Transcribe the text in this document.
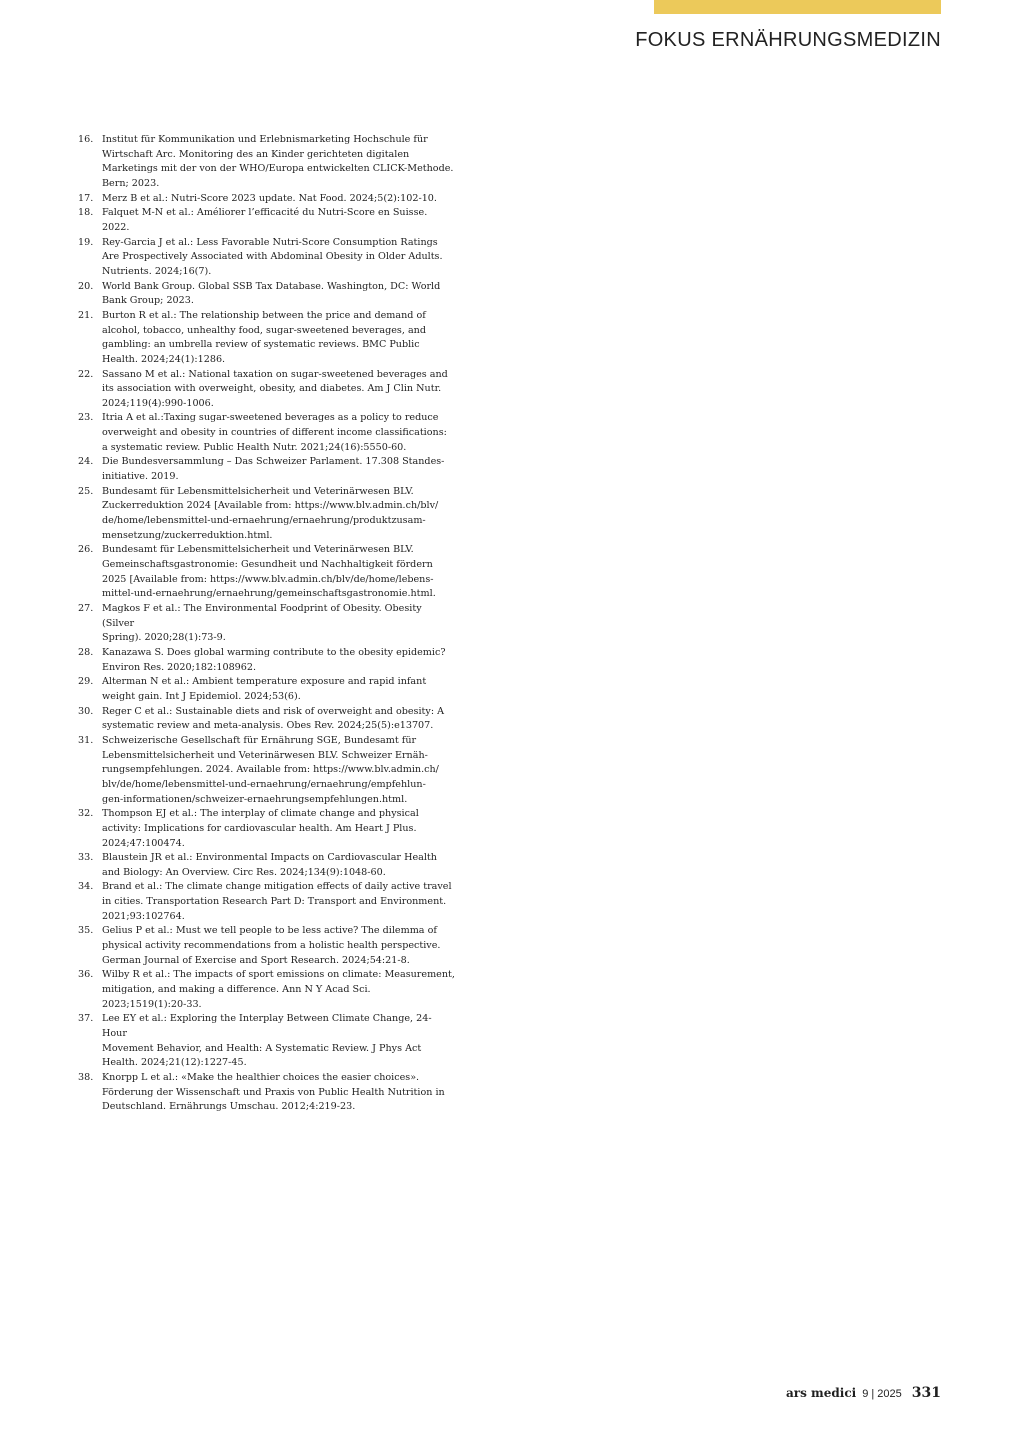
FOKUS ERNÄHRUNGSMEDIZIN
16. Institut für Kommunikation und Erlebnismarketing Hochschule für
Wirtschaft Arc. Monitoring des an Kinder gerichteten digitalen
Marketings mit der von der WHO/Europa entwickelten CLICK-Methode.
Bern; 2023.
17. Merz B et al.: Nutri-Score 2023 update. Nat Food. 2024;5(2):102-10.
18. Falquet M-N et al.: Améliorer l’efficacité du Nutri-Score en Suisse. 2022.
19. Rey-Garcia J et al.: Less Favorable Nutri-Score Consumption Ratings
Are Prospectively Associated with Abdominal Obesity in Older Adults.
Nutrients. 2024;16(7).
20. World Bank Group. Global SSB Tax Database. Washington, DC: World
Bank Group; 2023.
21. Burton R et al.: The relationship between the price and demand of
alcohol, tobacco, unhealthy food, sugar-sweetened beverages, and
gambling: an umbrella review of systematic reviews. BMC Public
Health. 2024;24(1):1286.
22. Sassano M et al.: National taxation on sugar-sweetened beverages and
its association with overweight, obesity, and diabetes. Am J Clin Nutr.
2024;119(4):990-1006.
23. Itria A et al.:Taxing sugar-sweetened beverages as a policy to reduce
overweight and obesity in countries of different income classifications:
a systematic review. Public Health Nutr. 2021;24(16):5550-60.
24. Die Bundesversammlung – Das Schweizer Parlament. 17.308 Standes-
initiative. 2019.
25. Bundesamt für Lebensmittelsicherheit und Veterinärwesen BLV.
Zuckerreduktion 2024 [Available from: https://www.blv.admin.ch/blv/
de/home/lebensmittel-und-ernaehrung/ernaehrung/produktzusam-
mensetzung/zuckerreduktion.html.
26. Bundesamt für Lebensmittelsicherheit und Veterinärwesen BLV.
Gemeinschaftsgastronomie: Gesundheit und Nachhaltigkeit fördern
2025 [Available from: https://www.blv.admin.ch/blv/de/home/lebens-
mittel-und-ernaehrung/ernaehrung/gemeinschaftsgastronomie.html.
27. Magkos F et al.: The Environmental Foodprint of Obesity. Obesity (Silver
Spring). 2020;28(1):73-9.
28. Kanazawa S. Does global warming contribute to the obesity epidemic?
Environ Res. 2020;182:108962.
29. Alterman N et al.: Ambient temperature exposure and rapid infant
weight gain. Int J Epidemiol. 2024;53(6).
30. Reger C et al.: Sustainable diets and risk of overweight and obesity: A
systematic review and meta-analysis. Obes Rev. 2024;25(5):e13707.
31. Schweizerische Gesellschaft für Ernährung SGE, Bundesamt für
Lebensmittelsicherheit und Veterinärwesen BLV. Schweizer Ernäh-
rungsempfehlungen. 2024. Available from: https://www.blv.admin.ch/
blv/de/home/lebensmittel-und-ernaehrung/ernaehrung/empfehlun-
gen-informationen/schweizer-ernaehrungsempfehlungen.html.
32. Thompson EJ et al.: The interplay of climate change and physical
activity: Implications for cardiovascular health. Am Heart J Plus.
2024;47:100474.
33. Blaustein JR et al.: Environmental Impacts on Cardiovascular Health
and Biology: An Overview. Circ Res. 2024;134(9):1048-60.
34. Brand et al.: The climate change mitigation effects of daily active travel
in cities. Transportation Research Part D: Transport and Environment.
2021;93:102764.
35. Gelius P et al.: Must we tell people to be less active? The dilemma of
physical activity recommendations from a holistic health perspective.
German Journal of Exercise and Sport Research. 2024;54:21-8.
36. Wilby R et al.: The impacts of sport emissions on climate: Measurement,
mitigation, and making a difference. Ann N Y Acad Sci.
2023;1519(1):20-33.
37. Lee EY et al.: Exploring the Interplay Between Climate Change, 24-Hour
Movement Behavior, and Health: A Systematic Review. J Phys Act
Health. 2024;21(12):1227-45.
38. Knorpp L et al.: «Make the healthier choices the easier choices».
Förderung der Wissenschaft und Praxis von Public Health Nutrition in
Deutschland. Ernährungs Umschau. 2012;4:219-23.
ars medici 9 | 2025 331
